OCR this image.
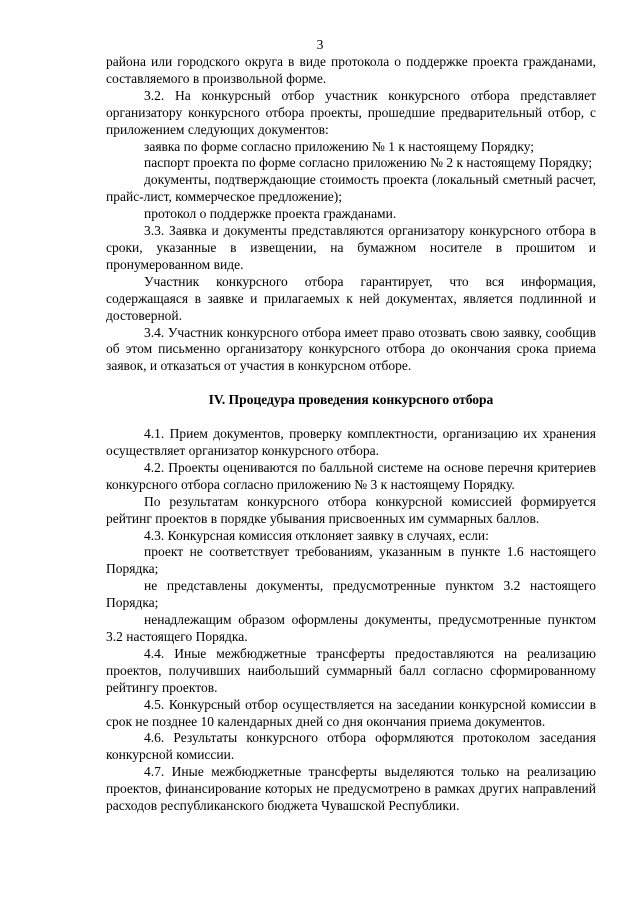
3

района или городского округа в виде протокола о поддержке проекта гражданами, составляемого в произвольной форме.

3.2. На конкурсный отбор участник конкурсного отбора представляет организатору конкурсного отбора проекты, прошедшие предварительный отбор, с приложением следующих документов:

заявка по форме согласно приложению № 1 к настоящему Порядку;

паспорт проекта по форме согласно приложению № 2 к настоящему Порядку;

документы, подтверждающие стоимость проекта (локальный сметный расчет, прайс-лист, коммерческое предложение);

протокол о поддержке проекта гражданами.

3.3. Заявка и документы представляются организатору конкурсного отбора в сроки, указанные в извещении, на бумажном носителе в прошитом и пронумерованном виде.

Участник конкурсного отбора гарантирует, что вся информация, содержащаяся в заявке и прилагаемых к ней документах, является подлинной и достоверной.

3.4. Участник конкурсного отбора имеет право отозвать свою заявку, сообщив об этом письменно организатору конкурсного отбора до окончания срока приема заявок, и отказаться от участия в конкурсном отборе.

IV. Процедура проведения конкурсного отбора

4.1. Прием документов, проверку комплектности, организацию их хранения осуществляет организатор конкурсного отбора.

4.2. Проекты оцениваются по балльной системе на основе перечня критериев конкурсного отбора согласно приложению № 3 к настоящему Порядку.

По результатам конкурсного отбора конкурсной комиссией формируется рейтинг проектов в порядке убывания присвоенных им суммарных баллов.

4.3. Конкурсная комиссия отклоняет заявку в случаях, если:

проект не соответствует требованиям, указанным в пункте 1.6 настоящего Порядка;

не представлены документы, предусмотренные пунктом 3.2 настоящего Порядка;

ненадлежащим образом оформлены документы, предусмотренные пунктом 3.2 настоящего Порядка.

4.4. Иные межбюджетные трансферты предоставляются на реализацию проектов, получивших наибольший суммарный балл согласно сформированному рейтингу проектов.

4.5. Конкурсный отбор осуществляется на заседании конкурсной комиссии в срок не позднее 10 календарных дней со дня окончания приема документов.

4.6. Результаты конкурсного отбора оформляются протоколом заседания конкурсной комиссии.

4.7. Иные межбюджетные трансферты выделяются только на реализацию проектов, финансирование которых не предусмотрено в рамках других направлений расходов республиканского бюджета Чувашской Республики.
